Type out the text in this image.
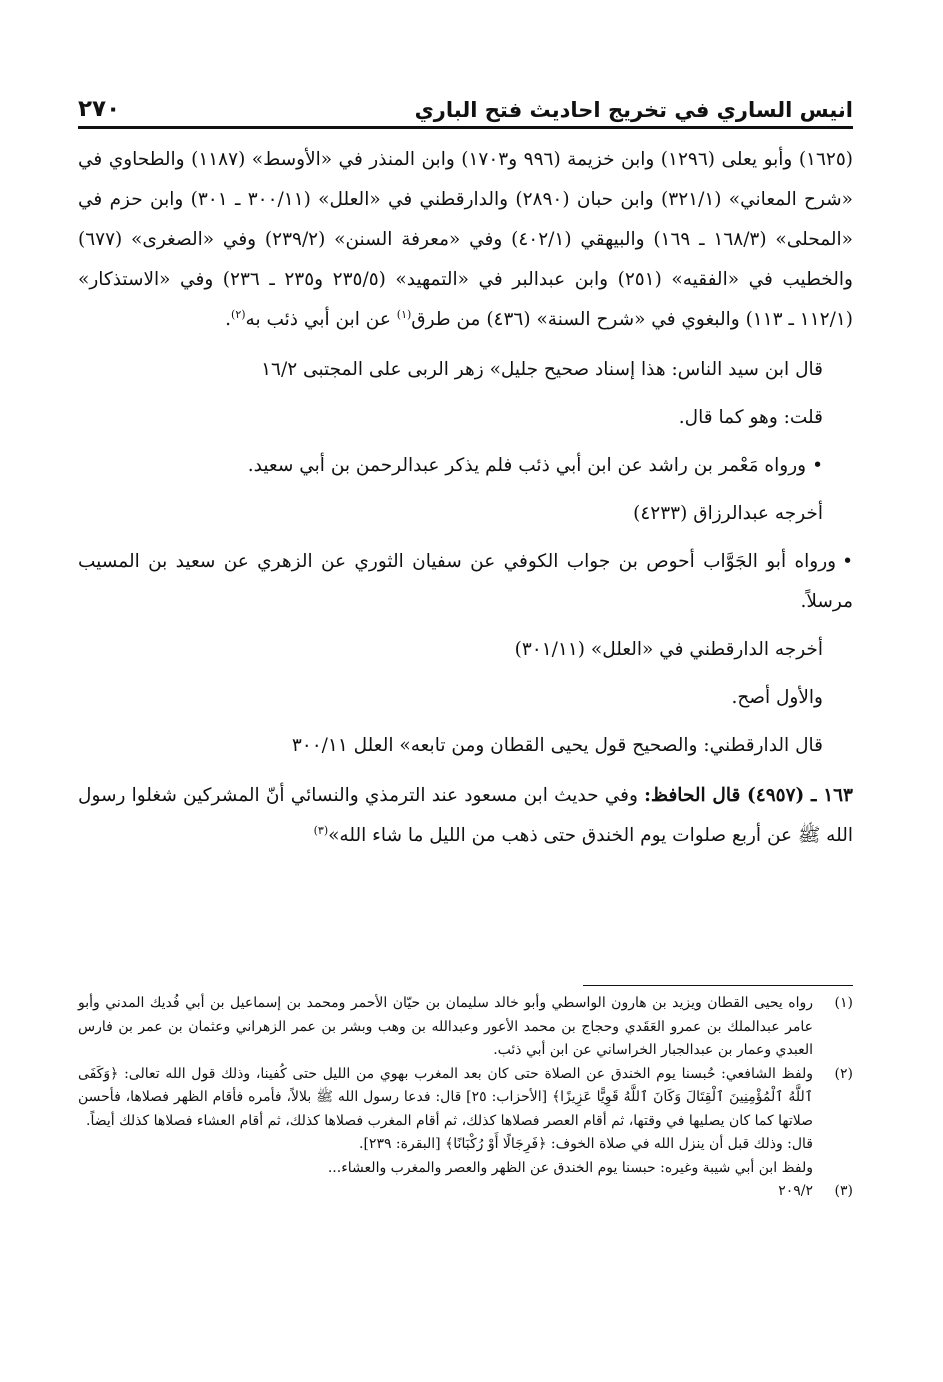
انيس الساري في تخريج احاديث فتح الباري
٢٧٠

(١٦٢٥) وأبو يعلى (١٢٩٦) وابن خزيمة (٩٩٦ و١٧٠٣) وابن المنذر في «الأوسط» (١١٨٧) والطحاوي في «شرح المعاني» (٣٢١/١) وابن حبان (٢٨٩٠) والدارقطني في «العلل» (٣٠٠/١١ ـ ٣٠١) وابن حزم في «المحلى» (١٦٨/٣ ـ ١٦٩) والبيهقي (٤٠٢/١) وفي «معرفة السنن» (٢٣٩/٢) وفي «الصغرى» (٦٧٧) والخطيب في «الفقيه» (٢٥١) وابن عبدالبر في «التمهيد» (٢٣٥/٥ و٢٣٥ ـ ٢٣٦) وفي «الاستذكار» (١١٢/١ ـ ١١٣) والبغوي في «شرح السنة» (٤٣٦) من طرق$^{(١)}$ عن ابن أبي ذئب به$^{(٢)}$.

قال ابن سيد الناس: هذا إسناد صحيح جليل» زهر الربى على المجتبى ١٦/٢

قلت: وهو كما قال.

•ورواه مَعْمر بن راشد عن ابن أبي ذئب فلم يذكر عبدالرحمن بن أبي سعيد.

أخرجه عبدالرزاق (٤٢٣٣)

•ورواه أبو الجَوَّاب أحوص بن جواب الكوفي عن سفيان الثوري عن الزهري عن سعيد بن المسيب مرسلاً.

أخرجه الدارقطني في «العلل» (٣٠١/١١)

والأول أصح.

قال الدارقطني: والصحيح قول يحيى القطان ومن تابعه» العلل ٣٠٠/١١

١٦٣ ـ (٤٩٥٧) قال الحافظ: وفي حديث ابن مسعود عند الترمذي والنسائي أنّ المشركين شغلوا رسول الله ﷺ عن أربع صلوات يوم الخندق حتى ذهب من الليل ما شاء الله»$^{(٣)}$

(١)

رواه يحيى القطان ويزيد بن هارون الواسطي وأبو خالد سليمان بن حيّان الأحمر ومحمد بن إسماعيل بن أبي فُديك المدني وأبو عامر عبدالملك بن عمرو العَقَدي وحجاج بن محمد الأعور وعبدالله بن وهب وبشر بن عمر الزهراني وعثمان بن عمر بن فارس العبدي وعمار بن عبدالجبار الخراساني عن ابن أبي ذئب.

(٢)

ولفظ الشافعي: حُبسنا يوم الخندق عن الصلاة حتى كان بعد المغرب بهوي من الليل حتى كُفينا، وذلك قول الله تعالى: ﴿وَكَفَى ٱللَّهُ ٱلْمُؤْمِنِينَ ٱلْقِتَالَ وَكَانَ ٱللَّهُ قَوِيًّا عَزِيزًا﴾ [الأحزاب: ٢٥] قال: فدعا رسول الله ﷺ بلالاً، فأمره فأقام الظهر فصلاها، فأحسن صلاتها كما كان يصليها في وقتها، ثم أقام العصر فصلاها كذلك، ثم أقام المغرب فصلاها كذلك، ثم أقام العشاء فصلاها كذلك أيضاً.

قال: وذلك قبل أن ينزل الله في صلاة الخوف: ﴿فَرِجَالًا أَوْ رُكْبَانًا﴾ [البقرة: ٢٣٩].

ولفظ ابن أبي شيبة وغيره: حبسنا يوم الخندق عن الظهر والعصر والمغرب والعشاء...

(٣)

٢٠٩/٢
